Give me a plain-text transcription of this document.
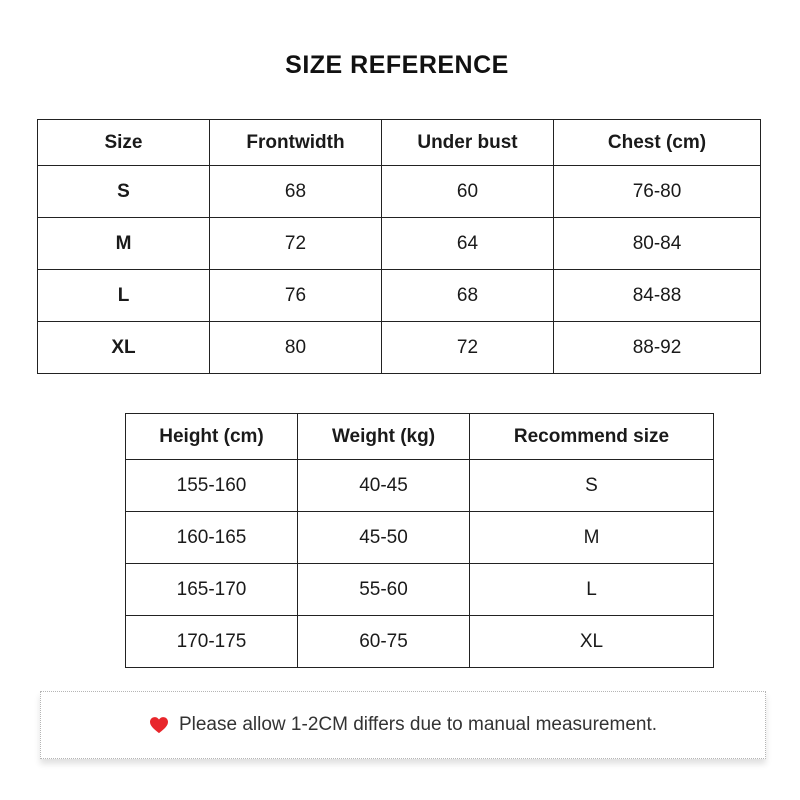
SIZE REFERENCE
Size	Frontwidth	Under bust	Chest (cm)
S	68	60	76-80
M	72	64	80-84
L	76	68	84-88
XL	80	72	88-92
Height (cm)	Weight (kg)	Recommend size
155-160	40-45	S
160-165	45-50	M
165-170	55-60	L
170-175	60-75	XL
Please allow 1-2CM differs due to manual measurement.
